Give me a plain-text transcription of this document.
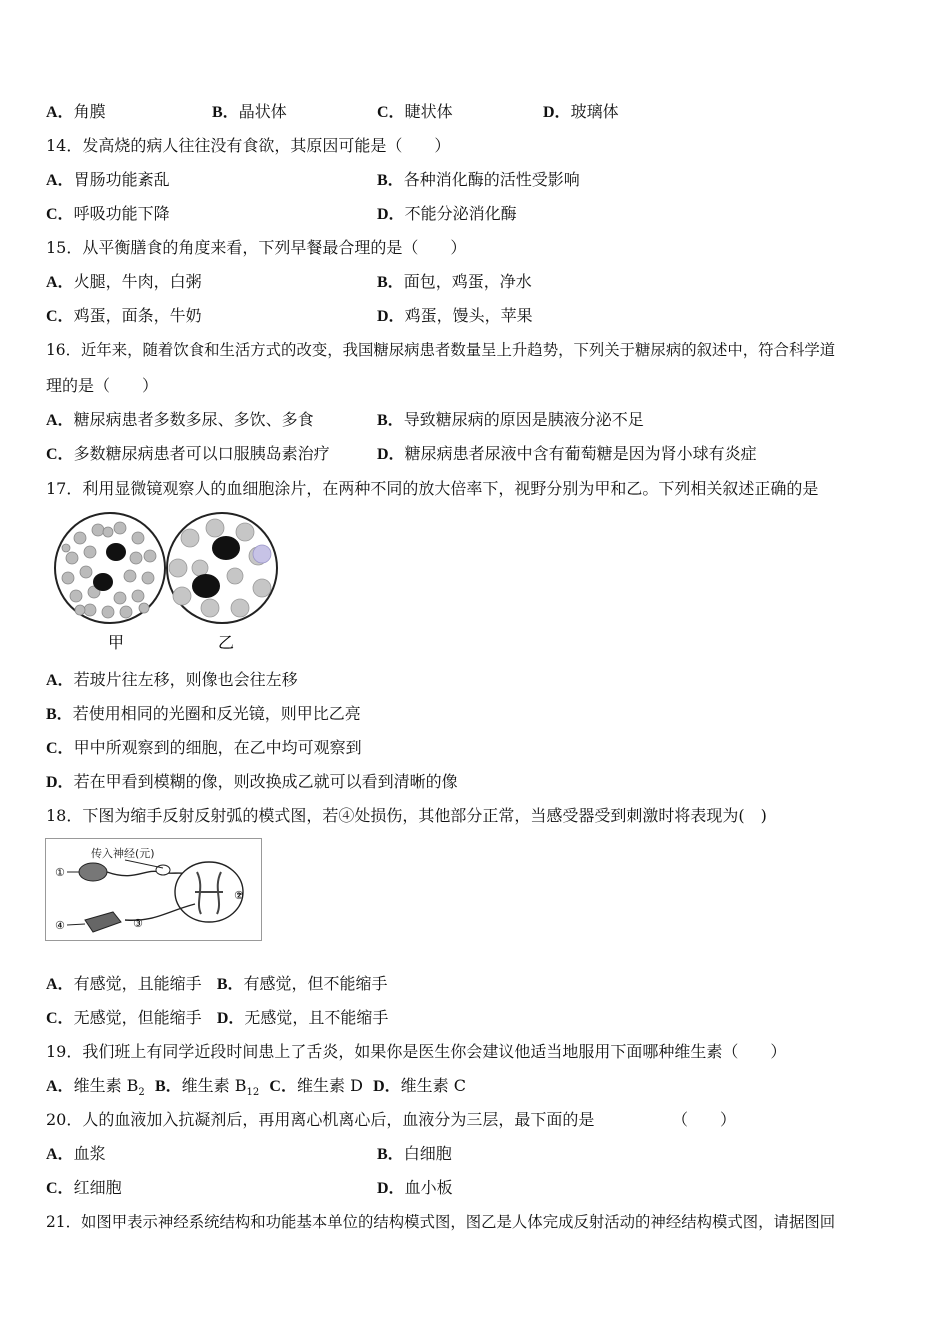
A．角膜	B．晶状体	C．睫状体	D．玻璃体
14．发高烧的病人往往没有食欲，其原因可能是（　　）
A．胃肠功能紊乱	B．各种消化酶的活性受影响
C．呼吸功能下降	D．不能分泌消化酶
15．从平衡膳食的角度来看，下列早餐最合理的是（　　）
A．火腿，牛肉，白粥	B．面包，鸡蛋，净水
C．鸡蛋，面条，牛奶	D．鸡蛋，馒头，苹果
16．近年来，随着饮食和生活方式的改变，我国糖尿病患者数量呈上升趋势，下列关于糖尿病的叙述中，符合科学道
理的是（　　）
A．糖尿病患者多数多尿、多饮、多食	B．导致糖尿病的原因是胰液分泌不足
C．多数糖尿病患者可以口服胰岛素治疗	D．糖尿病患者尿液中含有葡萄糖是因为肾小球有炎症
17．利用显微镜观察人的血细胞涂片，在两种不同的放大倍率下，视野分别为甲和乙。下列相关叙述正确的是
甲	乙
A．若玻片往左移，则像也会往左移
B．若使用相同的光圈和反光镜，则甲比乙亮
C．甲中所观察到的细胞，在乙中均可观察到
D．若在甲看到模糊的像，则改换成乙就可以看到清晰的像
18．下图为缩手反射反射弧的模式图，若④处损伤，其他部分正常，当感受器受到刺激时将表现为(　)
传入神经(元)
①
②
③
④
A．有感觉，且能缩手 B．有感觉，但不能缩手
C．无感觉，但能缩手 D．无感觉，且不能缩手
19．我们班上有同学近段时间患上了舌炎，如果你是医生你会建议他适当地服用下面哪种维生素（　　）
A．维生素 $B_2$ B．维生素 $B_{12}$ C．维生素 D D．维生素 C
20．人的血液加入抗凝剂后，再用离心机离心后，血液分为三层，最下面的是	（　　）
A．血浆	B．白细胞
C．红细胞	D．血小板
21．如图甲表示神经系统结构和功能基本单位的结构模式图，图乙是人体完成反射活动的神经结构模式图，请据图回
